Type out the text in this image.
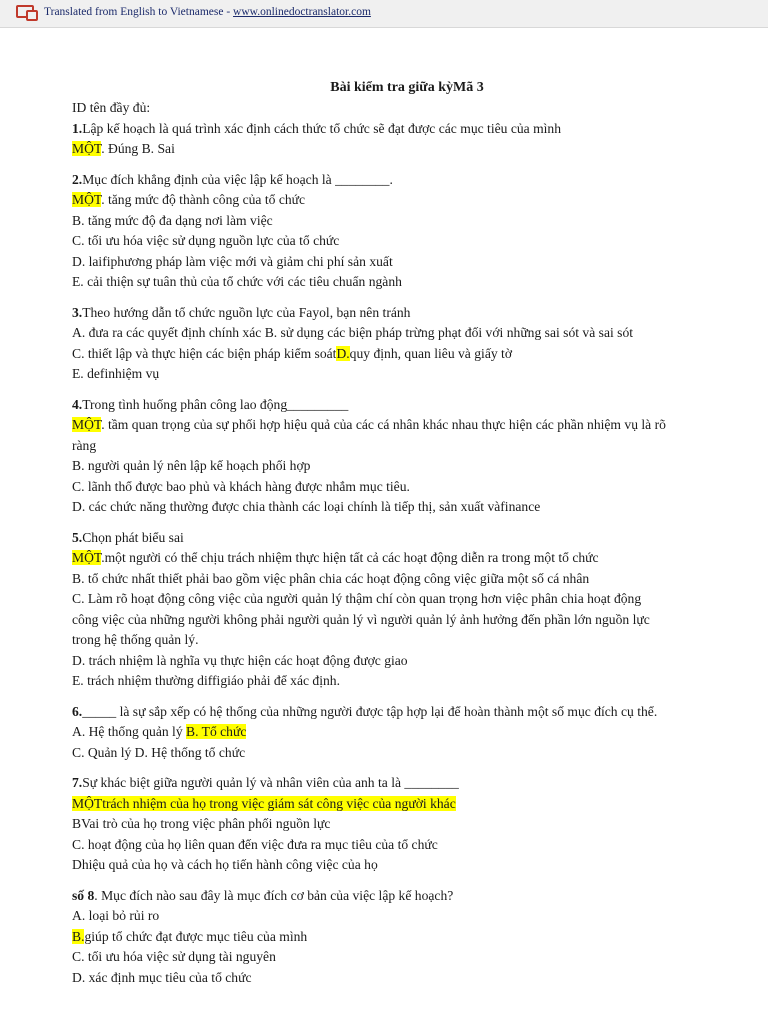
Translated from English to Vietnamese - www.onlinedoctranslator.com

Bài kiểm tra giữa kỳMã 3

ID tên đầy đủ:

1.Lập kế hoạch là quá trình xác định cách thức tổ chức sẽ đạt được các mục tiêu của mình

MỘT. Đúng B. Sai

2.Mục đích khẳng định của việc lập kế hoạch là ________.

MỘT. tăng mức độ thành công của tổ chức

B. tăng mức độ đa dạng nơi làm việc

C. tối ưu hóa việc sử dụng nguồn lực của tổ chức

D. laifiphương pháp làm việc mới và giảm chi phí sản xuất

E. cải thiện sự tuân thủ của tổ chức với các tiêu chuẩn ngành

3.Theo hướng dẫn tổ chức nguồn lực của Fayol, bạn nên tránh

A. đưa ra các quyết định chính xác B. sử dụng các biện pháp trừng phạt đối với những sai sót và sai sót

C. thiết lập và thực hiện các biện pháp kiểm soátD.quy định, quan liêu và giấy tờ

E. definhiệm vụ

4.Trong tình huống phân công lao động_________

MỘT. tầm quan trọng của sự phối hợp hiệu quả của các cá nhân khác nhau thực hiện các phần nhiệm vụ là rõ

ràng

B. người quản lý nên lập kế hoạch phối hợp

C. lãnh thổ được bao phủ và khách hàng được nhắm mục tiêu.

D. các chức năng thường được chia thành các loại chính là tiếp thị, sản xuất vàfinance

5.Chọn phát biểu sai

MỘT.một người có thể chịu trách nhiệm thực hiện tất cả các hoạt động diễn ra trong một tổ chức

B. tổ chức nhất thiết phải bao gồm việc phân chia các hoạt động công việc giữa một số cá nhân

C. Làm rõ hoạt động công việc của người quản lý thậm chí còn quan trọng hơn việc phân chia hoạt động

công việc của những người không phải người quản lý vì người quản lý ảnh hưởng đến phần lớn nguồn lực

trong hệ thống quản lý.

D. trách nhiệm là nghĩa vụ thực hiện các hoạt động được giao

E. trách nhiệm thường diffigiáo phải để xác định.

6._____ là sự sắp xếp có hệ thống của những người được tập hợp lại để hoàn thành một số mục đích cụ thể.

A. Hệ thống quản lý B. Tổ chức

C. Quản lý D. Hệ thống tổ chức

7.Sự khác biệt giữa người quản lý và nhân viên của anh ta là ________

MỘTtrách nhiệm của họ trong việc giám sát công việc của người khác

BVai trò của họ trong việc phân phối nguồn lực

C. hoạt động của họ liên quan đến việc đưa ra mục tiêu của tổ chức

Dhiệu quả của họ và cách họ tiến hành công việc của họ

số 8. Mục đích nào sau đây là mục đích cơ bản của việc lập kế hoạch?

A. loại bỏ rủi ro

B.giúp tổ chức đạt được mục tiêu của mình

C. tối ưu hóa việc sử dụng tài nguyên

D. xác định mục tiêu của tổ chức
